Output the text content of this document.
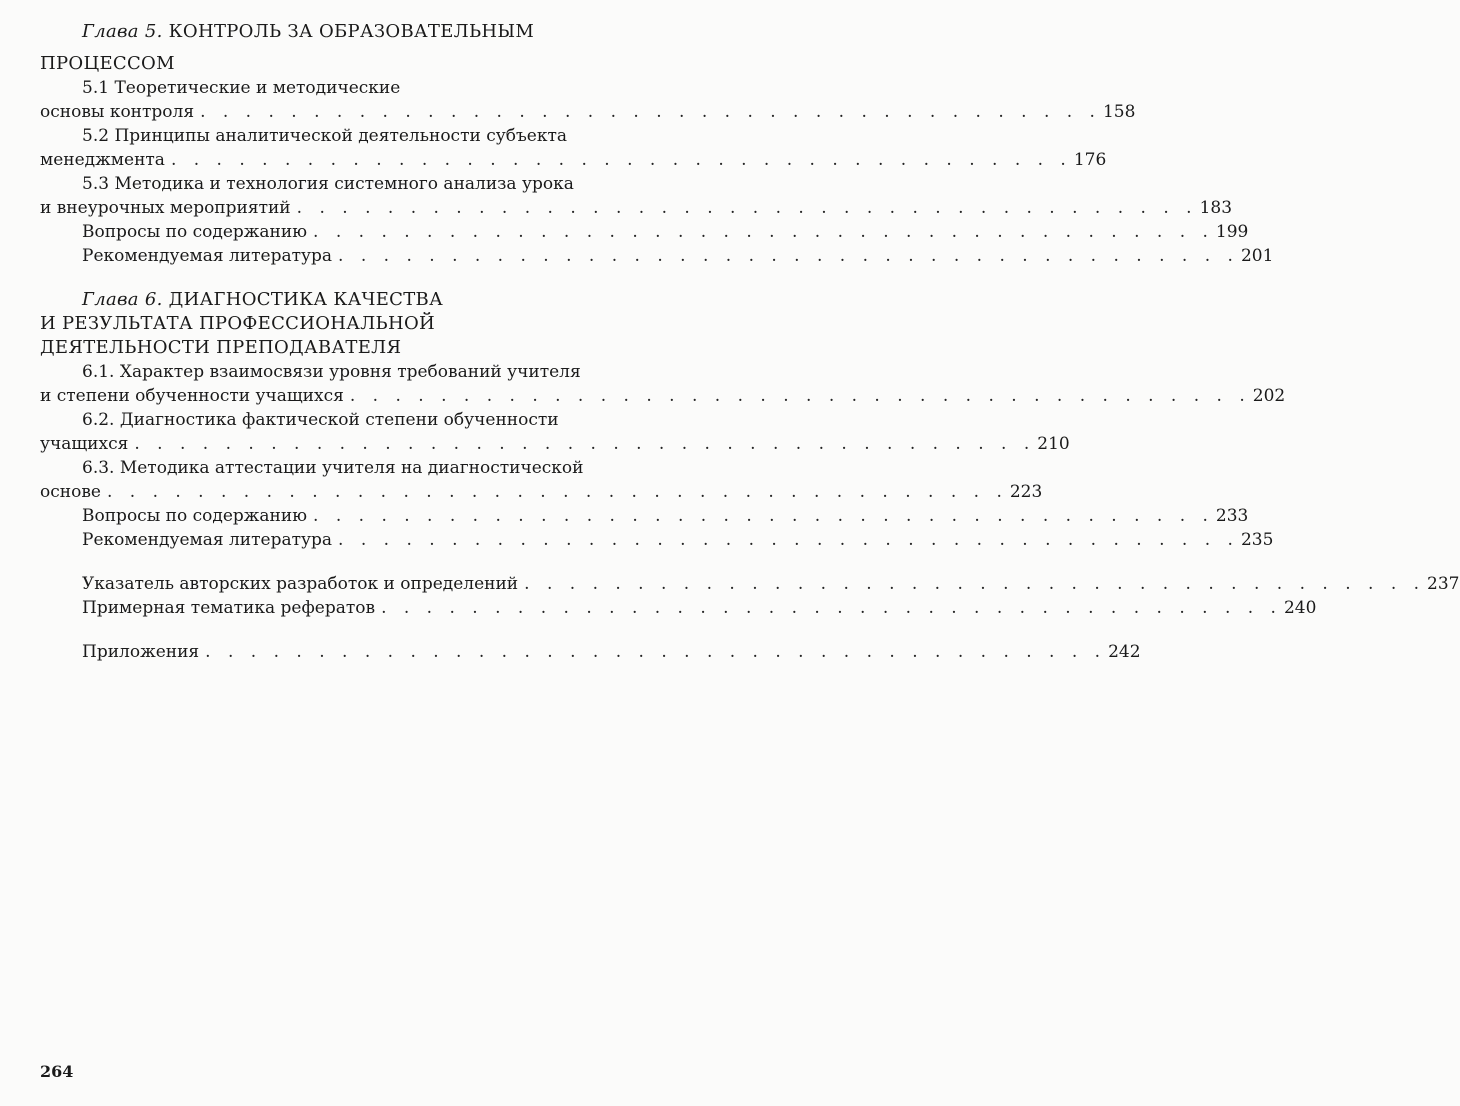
Глава 5. КОНТРОЛЬ ЗА ОБРАЗОВАТЕЛЬНЫМ
ПРОЦЕССОМ
5.1 Теоретические и методические
основы контроля . . . . . . . . . . . . . . . . . . . . . . . . . . . . . . . . . . . . . . . . 158
5.2 Принципы аналитической деятельности субъекта
менеджмента . . . . . . . . . . . . . . . . . . . . . . . . . . . . . . . . . . . . . . . . 176
5.3 Методика и технология системного анализа урока
и внеурочных мероприятий . . . . . . . . . . . . . . . . . . . . . . . . . . . . . . . . . . . . . . . . 183
Вопросы по содержанию . . . . . . . . . . . . . . . . . . . . . . . . . . . . . . . . . . . . . . . . 199
Рекомендуемая литература . . . . . . . . . . . . . . . . . . . . . . . . . . . . . . . . . . . . . . . . 201
Глава 6. ДИАГНОСТИКА КАЧЕСТВА
И РЕЗУЛЬТАТА ПРОФЕССИОНАЛЬНОЙ
ДЕЯТЕЛЬНОСТИ ПРЕПОДАВАТЕЛЯ
6.1. Характер взаимосвязи уровня требований учителя
и степени обученности учащихся . . . . . . . . . . . . . . . . . . . . . . . . . . . . . . . . . . . . . . . . 202
6.2. Диагностика фактической степени обученности
учащихся . . . . . . . . . . . . . . . . . . . . . . . . . . . . . . . . . . . . . . . . 210
6.3. Методика аттестации учителя на диагностической
основе . . . . . . . . . . . . . . . . . . . . . . . . . . . . . . . . . . . . . . . . 223
Вопросы по содержанию . . . . . . . . . . . . . . . . . . . . . . . . . . . . . . . . . . . . . . . . 233
Рекомендуемая литература . . . . . . . . . . . . . . . . . . . . . . . . . . . . . . . . . . . . . . . . 235
Указатель авторских разработок и определений . . . . . . . . . . . . . . . . . . . . . . . . . . . . . . . . . . . . . . . . 237
Примерная тематика рефератов . . . . . . . . . . . . . . . . . . . . . . . . . . . . . . . . . . . . . . . . 240
Приложения . . . . . . . . . . . . . . . . . . . . . . . . . . . . . . . . . . . . . . . . 242
264
